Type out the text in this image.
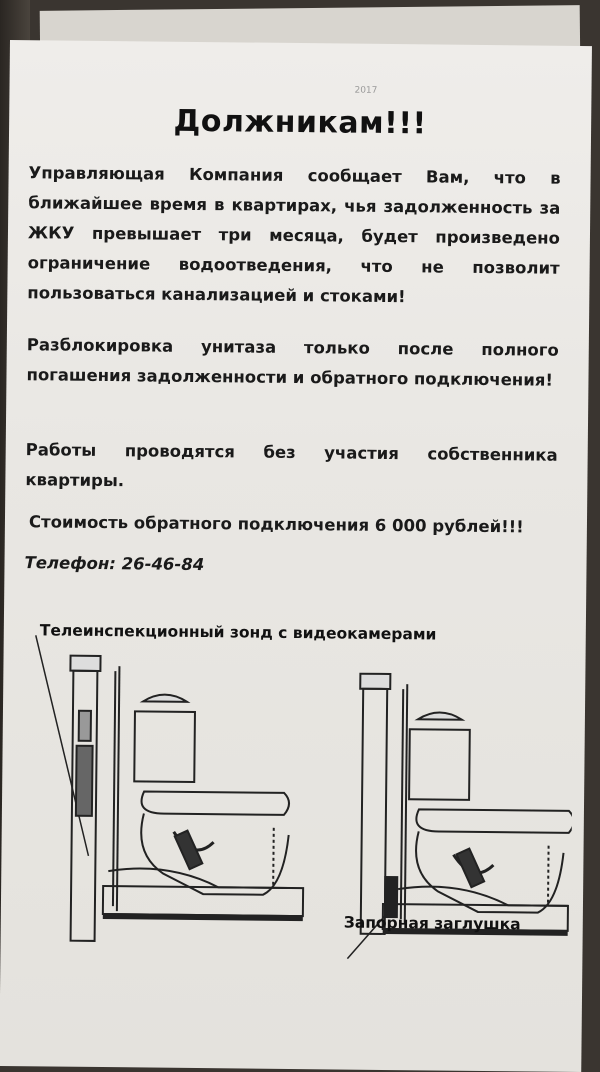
2017
Должникам!!!
Управляющая Компания сообщает Вам, что в ближайшее время в квартирах, чья задолженность за ЖКУ превышает три месяца, будет произведено ограничение водоотведения, что не позволит пользоваться канализацией и стоками!
Разблокировка унитаза только после полного погашения задолженности и обратного подключения!
Работы проводятся без участия собственника квартиры.
Стоимость обратного подключения 6 000 рублей!!!
Телефон: 26-46-84
Телеинспекционный зонд с видеокамерами
Запорная заглушка
